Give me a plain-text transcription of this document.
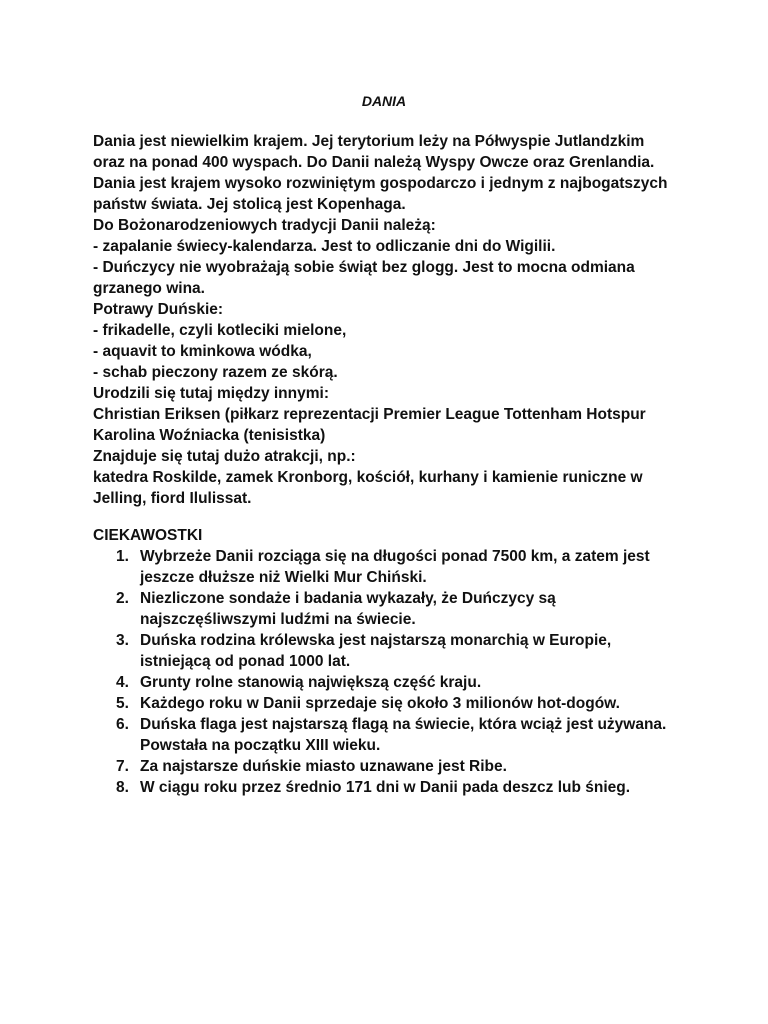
DANIA
Dania jest niewielkim krajem. Jej terytorium leży na Półwyspie Jutlandzkim
oraz na ponad 400 wyspach. Do Danii należą Wyspy Owcze oraz Grenlandia.
Dania jest krajem wysoko rozwiniętym gospodarczo i jednym z najbogatszych
państw świata. Jej stolicą jest Kopenhaga.
Do Bożonarodzeniowych tradycji Danii należą:
- zapalanie świecy-kalendarza. Jest to odliczanie dni do Wigilii.
- Duńczycy nie wyobrażają sobie świąt bez glogg. Jest to mocna odmiana
grzanego wina.
Potrawy Duńskie:
- frikadelle, czyli kotleciki mielone,
- aquavit to kminkowa wódka,
- schab pieczony razem ze skórą.
Urodzili się tutaj między innymi:
Christian Eriksen (piłkarz reprezentacji Premier League Tottenham Hotspur
Karolina Woźniacka (tenisistka)
Znajduje się tutaj dużo atrakcji, np.:
katedra Roskilde, zamek Kronborg, kościół, kurhany i kamienie runiczne w
Jelling, fiord Ilulissat.
CIEKAWOSTKI
1. Wybrzeże Danii rozciąga się na długości ponad 7500 km, a zatem jest
jeszcze dłuższe niż Wielki Mur Chiński.
2. Niezliczone sondaże i badania wykazały, że Duńczycy są
najszczęśliwszymi ludźmi na świecie.
3. Duńska rodzina królewska jest najstarszą monarchią w Europie,
istniejącą od ponad 1000 lat.
4. Grunty rolne stanowią największą część kraju.
5. Każdego roku w Danii sprzedaje się około 3 milionów hot-dogów.
6. Duńska flaga jest najstarszą flagą na świecie, która wciąż jest używana.
Powstała na początku XIII wieku.
7. Za najstarsze duńskie miasto uznawane jest Ribe.
8. W ciągu roku przez średnio 171 dni w Danii pada deszcz lub śnieg.
